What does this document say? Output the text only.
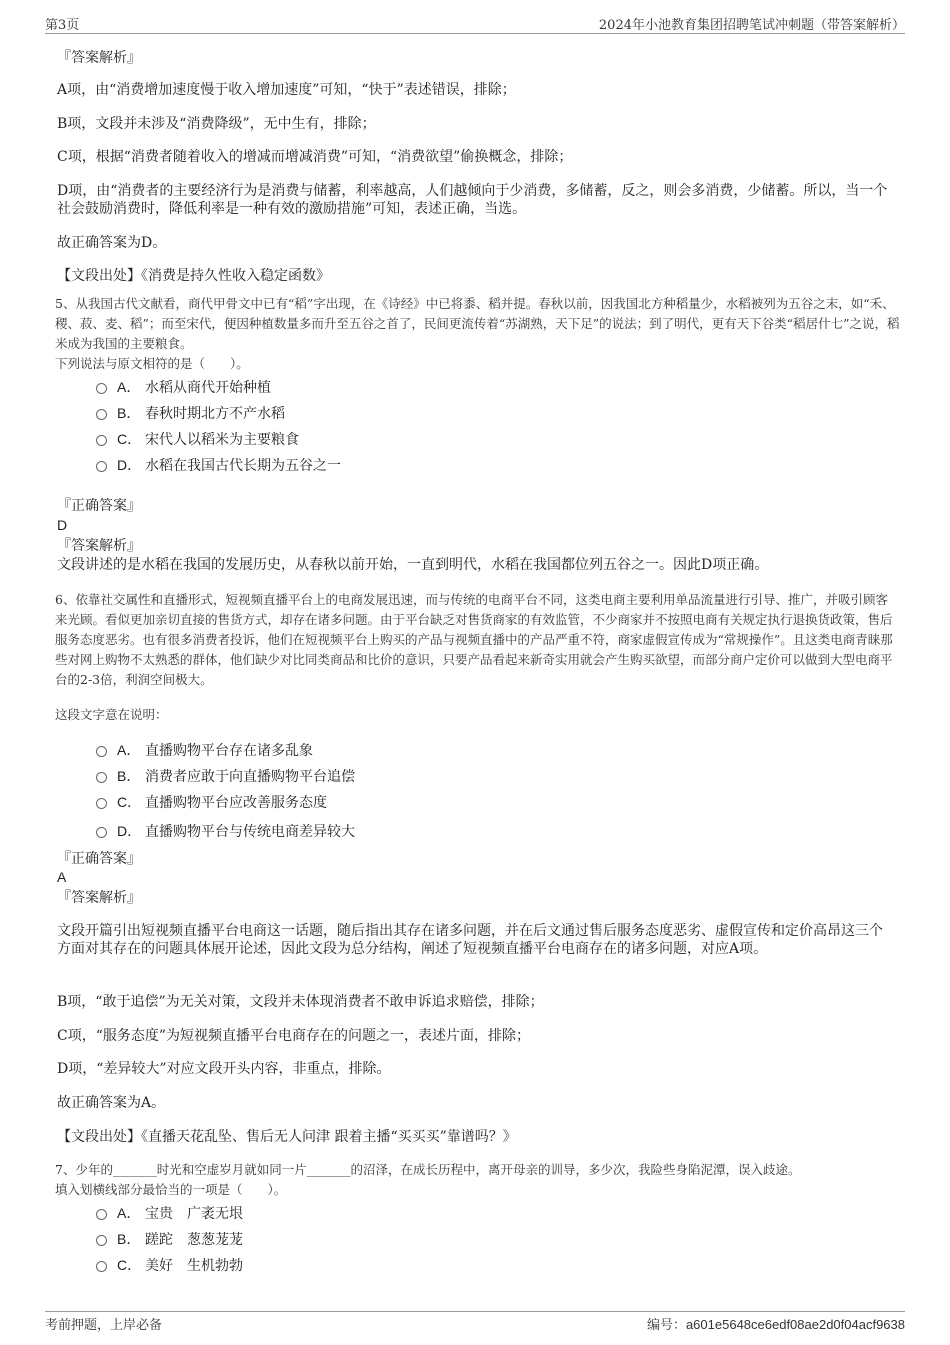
第3页	2024年小池教育集团招聘笔试冲刺题（带答案解析）
『答案解析』
A项，由“消费增加速度慢于收入增加速度”可知，“快于”表述错误，排除；
B项，文段并未涉及“消费降级”，无中生有，排除；
C项，根据“消费者随着收入的增减而增减消费”可知，“消费欲望”偷换概念，排除；
D项，由“消费者的主要经济行为是消费与储蓄，利率越高，人们越倾向于少消费，多储蓄，反之，则会多消费，少储蓄。所以，当一个社会鼓励消费时，降低利率是一种有效的激励措施”可知，表述正确，当选。
故正确答案为D。
【文段出处】《消费是持久性收入稳定函数》
5、从我国古代文献看，商代甲骨文中已有“稻”字出现，在《诗经》中已将黍、稻并提。春秋以前，因我国北方种稻量少，水稻被列为五谷之末，如“禾、稷、菽、麦、稻”；而至宋代，便因种植数量多而升至五谷之首了，民间更流传着“苏湖熟，天下足”的说法；到了明代，更有天下谷类“稻居什七”之说，稻米成为我国的主要粮食。
下列说法与原文相符的是（　　）。
A． 水稻从商代开始种植
B． 春秋时期北方不产水稻
C． 宋代人以稻米为主要粮食
D． 水稻在我国古代长期为五谷之一
『正确答案』
D
『答案解析』
文段讲述的是水稻在我国的发展历史，从春秋以前开始，一直到明代，水稻在我国都位列五谷之一。因此D项正确。
6、依靠社交属性和直播形式，短视频直播平台上的电商发展迅速，而与传统的电商平台不同，这类电商主要利用单品流量进行引导、推广，并吸引顾客来光顾。看似更加亲切直接的售货方式，却存在诸多问题。由于平台缺乏对售货商家的有效监管，不少商家并不按照电商有关规定执行退换货政策，售后服务态度恶劣。也有很多消费者投诉，他们在短视频平台上购买的产品与视频直播中的产品严重不符，商家虚假宣传成为“常规操作”。且这类电商青睐那些对网上购物不太熟悉的群体，他们缺少对比同类商品和比价的意识，只要产品看起来新奇实用就会产生购买欲望，而部分商户定价可以做到大型电商平台的2-3倍，利润空间极大。
这段文字意在说明：
A． 直播购物平台存在诸多乱象
B． 消费者应敢于向直播购物平台追偿
C． 直播购物平台应改善服务态度
D． 直播购物平台与传统电商差异较大
『正确答案』
A
『答案解析』
文段开篇引出短视频直播平台电商这一话题，随后指出其存在诸多问题，并在后文通过售后服务态度恶劣、虚假宣传和定价高昂这三个方面对其存在的问题具体展开论述，因此文段为总分结构，阐述了短视频直播平台电商存在的诸多问题，对应A项。
B项，“敢于追偿”为无关对策，文段并未体现消费者不敢申诉追求赔偿，排除；
C项，“服务态度”为短视频直播平台电商存在的问题之一，表述片面，排除；
D项，“差异较大”对应文段开头内容，非重点，排除。
故正确答案为A。
【文段出处】《直播天花乱坠、售后无人问津 跟着主播“买买买”靠谱吗？》
7、少年的_______时光和空虚岁月就如同一片_______的沼泽，在成长历程中，离开母亲的训导，多少次，我险些身陷泥潭，误入歧途。
填入划横线部分最恰当的一项是（　　）。
A． 宝贵 广袤无垠
B． 蹉跎 葱葱茏茏
C． 美好 生机勃勃
考前押题，上岸必备	编号：a601e5648ce6edf08ae2d0f04acf9638
